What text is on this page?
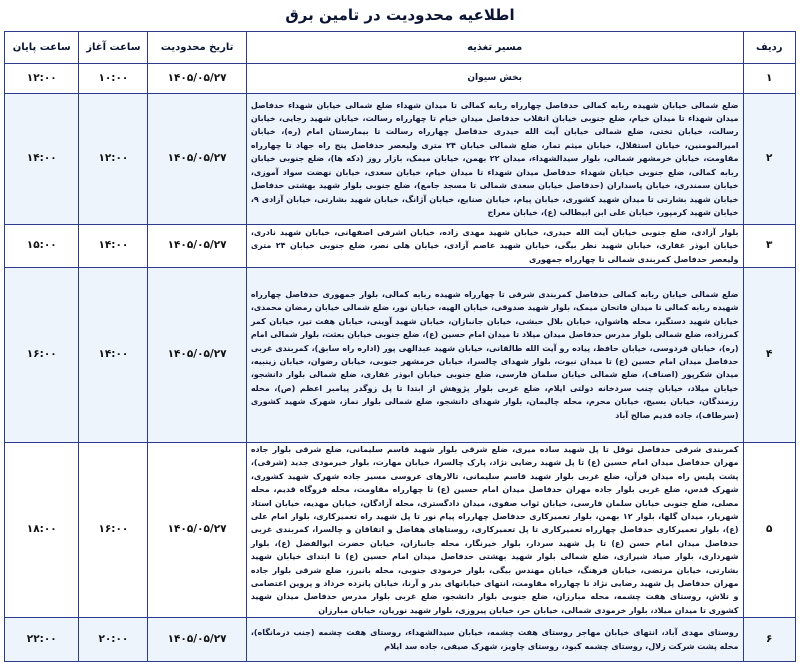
اطلاعیه محدودیت در تامین برق
ردیف	مسیر تغذیه	تاریخ محدودیت	ساعت آغاز	ساعت پایان
۱	بخش سیوان	۱۴۰۵/۰۵/۲۷	۱۰:۰۰	۱۲:۰۰
۲	ضلع شمالی خیابان شهیده ربابه کمالی حدفاصل چهارراه ربابه کمالی تا میدان شهداء ضلع شمالی خیابان شهداء حدفاصل میدان شهداء تا میدان خیام، ضلع جنوبی خیابان انقلاب حدفاصل میدان خیام تا چهارراه رسالت، خیابان شهید رجایی، خیابان رسالت، خیابان تختی، ضلع شمالی خیابان آیت الله حیدری حدفاصل چهارراه رسالت تا بیمارستان امام (ره)، خیابان امیرالمومنین، خیابان استقلال، خیابان میثم تمار، ضلع شمالی خیابان ۲۴ متری ولیعصر حدفاصل پنج راه جهاد تا چهارراه مقاومت، خیابان خرمشهر شمالی، بلوار سیدالشهداء، میدان ۲۲ بهمن، خیابان میمک، بازار روز (دکه ها)، ضلع جنوبی خیابان ربابه کمالی، ضلع جنوبی خیابان شهداء حدفاصل میدان شهداء تا میدان خیام، خیابان سعدی، خیابان نهضت سواد آموزی، خیابان سمندری، خیابان پاسداران (حدفاصل خیابان سعدی شمالی تا مسجد جامع)، ضلع جنوبی بلوار شهید بهشتی حدفاصل خیابان شهید بشارتی تا میدان شهید کشوری، خیابان پیام، خیابان صنایع، خیابان آژانگ، خیابان شهید بشارتی، خیابان آزادی ۹، خیابان شهید کرمپور، خیابان علی ابن ابیطالب (ع)، خیابان معراج	۱۴۰۵/۰۵/۲۷	۱۲:۰۰	۱۴:۰۰
۳	بلوار آزادی، ضلع جنوبی خیابان آیت الله حیدری، خیابان شهید مهدی زاده، خیابان اشرفی اصفهانی، خیابان شهید نادری، خیابان ابوذر غفاری، خیابان شهید نظر بیگی، خیابان شهید عاصم آزادی، خیابان هلی نصر، ضلع جنوبی خیابان ۲۴ متری ولیعصر حدفاصل کمربندی شمالی تا چهارراه جمهوری	۱۴۰۵/۰۵/۲۷	۱۴:۰۰	۱۵:۰۰
۴	ضلع شمالی خیابان ربابه کمالی حدفاصل کمربندی شرقی تا چهارراه شهیده ربابه کمالی، بلوار جمهوری حدفاصل چهارراه شهیده ربابه کمالی تا میدان فاتحان میمک، بلوار شهید صدوقی، خیابان الهیه، خیابان نور، ضلع شمالی خیابان رمضان محمدی، خیابان شهید دستگیر، محله هاشوان، خیابان بلال حبشی، خیابان جانبازان، خیابان شهید آوینی، خیابان هفت تیر، خیابان کمر کمرزاده، ضلع شمالی بلوار مدرس حدفاصل میدان میلاد تا میدان امام حسین (ع)، ضلع جنوبی خیابان بعثت، بلوار شمالی امام (ره)، خیابان فردوسی، خیابان حافظ، پیاده رو آیت الله طالقانی، خیابان شهید عبدالهی پور (اداره راه سابق)، کمربندی غربی حدفاصل میدان امام حسین (ع) تا میدان نبوت، بلوار شهدای چالسرا، خیابان خرمشهر جنوبی، خیابان رضوان، خیابان زینبیه، میدان شکرپور (اصناف)، ضلع شمالی خیابان سلمان فارسی، ضلع جنوبی خیابان ابوذر غفاری، ضلع شمالی بلوار دانشجو، خیابان میلاد، خیابان چنب سردخانه دولتی ایلام، ضلع غربی بلوار پژوهش از ابتدا تا پل زوگدر پیامبر اعظم (ص)، محله رزمندگان، خیابان بسیج، خیابان محرم، محله چالیمان، بلوار شهدای دانشجو، ضلع شمالی بلوار نماز، شهرک شهید کشوری (سرطاف)، جاده قدیم صالح آباد	۱۴۰۵/۰۵/۲۷	۱۴:۰۰	۱۶:۰۰
۵	کمربندی شرقی حدفاصل توقل تا پل شهید ساده میری، ضلع شرقی بلوار شهید قاسم سلیمانی، ضلع شرقی بلوار جاده مهران حدفاصل میدان امام حسین (ع) تا پل شهید رضایی نژاد، پارک چالسرا، خیابان مهارت، بلوار خیرمودی جدید (شرقی)، پشت پلیس راه میدان قرآن، ضلع غربی بلوار شهید قاسم سلیمانی، تالارهای عروسی مسیر جاده شهرک شهید کشوری، شهرک قدس، ضلع غربی بلوار جاده مهران حدفاصل میدان امام حسین (ع) تا چهارراه مقاومت، محله فروگاه قدیم، محله مصلی، ضلع جنوبی خیابان سلمان فارسی، خیابان ثواب صفوی، میدان دادگستری، محله آزادگان، خیابان مهدیه، خیابان استاد شهریار، میدان گلها، بلوار ۱۲ بهمن، بلوار تعمیرکاری حدفاصل چهارراه پیام نور تا پل شهید راه تعمیرکاری، بلوار امام علی (ع)، بلوار تعمیرکاری حدفاصل چهارراه تعمیرکاری تا پل تعمیرکاری، روستاهای هفاضل و اتفاقان و چالسرا، کمربندی غربی حدفاصل میدان امام حسن (ع) تا پل شهید سردار، بلوار خیرنگار، محله جانبازان، خیابان حضرت ابوالفضل (ع)، بلوار شهرداری، بلوار صیاد شیرازی، ضلع شمالی بلوار شهید بهشتی حدفاصل میدان امام حسین (ع) تا ابتدای خیابان شهید بشارتی، خیابان مرتضی، خیابان فرهنگ، خیابان مهندس بیگی، بلوار خرمودی جنوبی، محله بانیرز، ضلع شرقی بلوار جاده مهران حدفاصل پل شهید رضایی نژاد تا چهارراه مقاومت، انتهای خیابانهای بدر و آرنا، خیابان پانزده خرداد و پروین اعتصامی و تلاش، روستای هفت چشمه، محله مبارزان، ضلع جنوبی بلوار دانشجو، ضلع غربی بلوار مدرس حدفاصل میدان شهید کشوری تا میدان میلاد، بلوار خرمودی شمالی، خیابان حر، خیابان پیروزی، بلوار شهید نوریان، خیابان مبارزان	۱۴۰۵/۰۵/۲۷	۱۶:۰۰	۱۸:۰۰
۶	روستای مهدی آباد، انتهای خیابان مهاجر روستای هفت چشمه، خیابان سیدالشهداء، روستای هفت چشمه (جنب درمانگاه)، محله پشت شرکت زلال، روستای چشمه کبود، روستای چاویز، شهرک صیفی، جاده سد ایلام	۱۴۰۵/۰۵/۲۷	۲۰:۰۰	۲۲:۰۰
